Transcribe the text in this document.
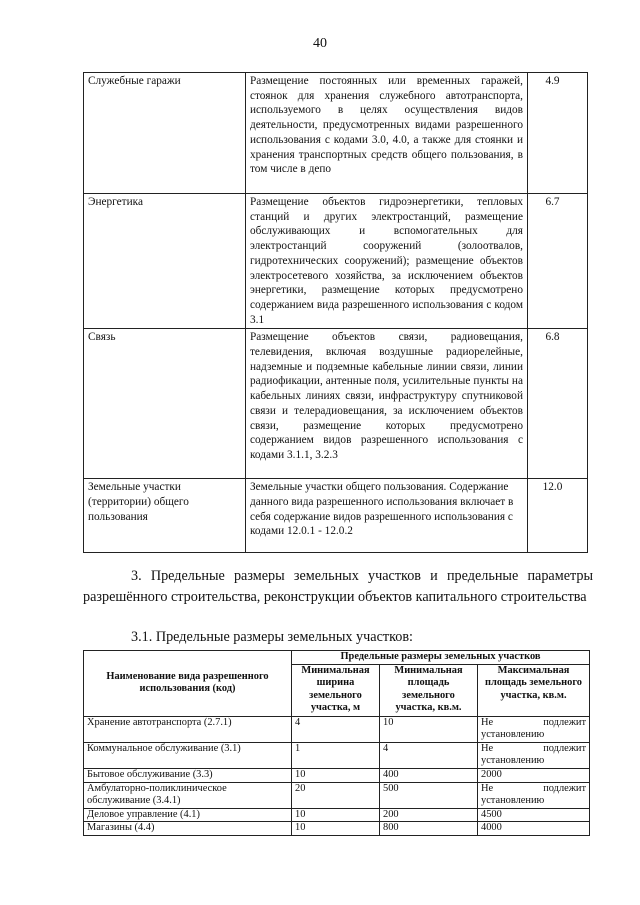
40
Служебные гаражи	Размещение постоянных или временных гаражей, стоянок для хранения служебного автотранспорта, используемого в целях осуществления видов деятельности, предусмотренных видами разрешенного использования с кодами 3.0, 4.0, а также для стоянки и хранения транспортных средств общего пользования, в том числе в депо	4.9
Энергетика	Размещение объектов гидроэнергетики, тепловых станций и других электростанций, размещение обслуживающих и вспомогательных для электростанций сооружений (золоотвалов, гидротехнических сооружений); размещение объектов электросетевого хозяйства, за исключением объектов энергетики, размещение которых предусмотрено содержанием вида разрешенного использования с кодом 3.1	6.7
Связь	Размещение объектов связи, радиовещания, телевидения, включая воздушные радиорелейные, надземные и подземные кабельные линии связи, линии радиофикации, антенные поля, усилительные пункты на кабельных линиях связи, инфраструктуру спутниковой связи и телерадиовещания, за исключением объектов связи, размещение которых предусмотрено содержанием видов разрешенного использования с кодами 3.1.1, 3.2.3	6.8
Земельные участки (территории) общего пользования	Земельные участки общего пользования. Содержание данного вида разрешенного использования включает в себя содержание видов разрешенного использования с кодами 12.0.1 - 12.0.2	12.0
3. Предельные размеры земельных участков и предельные параметры разрешённого строительства, реконструкции объектов капитального строительства
3.1. Предельные размеры земельных участков:
Наименование вида разрешенного использования (код)	Предельные размеры земельных участков		
	Минимальная ширина земельного участка, м	Минимальная площадь земельного участка, кв.м.	Максимальная площадь земельного участка, кв.м.
Хранение автотранспорта (2.7.1)	4	10	Не подлежит установлению
Коммунальное обслуживание (3.1)	1	4	Не подлежит установлению
Бытовое обслуживание (3.3)	10	400	2000
Амбулаторно-поликлиническое обслуживание (3.4.1)	20	500	Не подлежит установлению
Деловое управление (4.1)	10	200	4500
Магазины (4.4)	10	800	4000
